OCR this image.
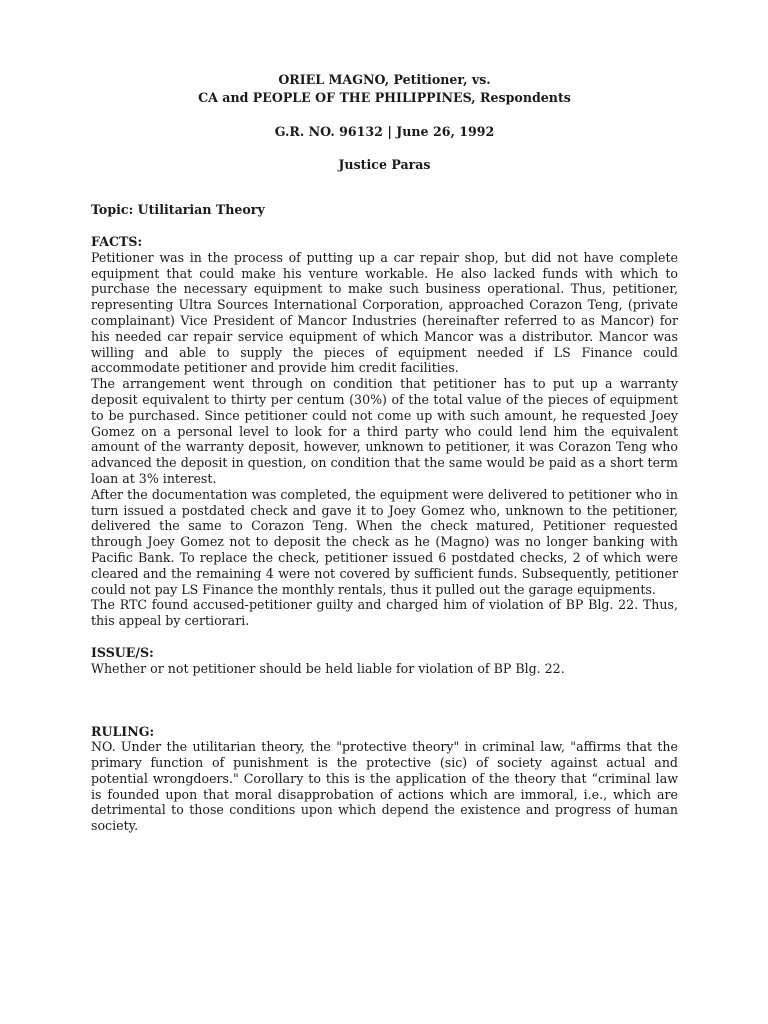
ORIEL MAGNO, Petitioner, vs.

CA and PEOPLE OF THE PHILIPPINES, Respondents

G.R. NO. 96132 | June 26, 1992

Justice Paras

Topic: Utilitarian Theory

FACTS:

Petitioner was in the process of putting up a car repair shop, but did not have complete equipment that could make his venture workable. He also lacked funds with which to purchase the necessary equipment to make such business operational. Thus, petitioner, representing Ultra Sources International Corporation, approached Corazon Teng, (private complainant) Vice President of Mancor Industries (hereinafter referred to as Mancor) for his needed car repair service equipment of which Mancor was a distributor. Mancor was willing and able to supply the pieces of equipment needed if LS Finance could accommodate petitioner and provide him credit facilities.

The arrangement went through on condition that petitioner has to put up a warranty deposit equivalent to thirty per centum (30%) of the total value of the pieces of equipment to be purchased. Since petitioner could not come up with such amount, he requested Joey Gomez on a personal level to look for a third party who could lend him the equivalent amount of the warranty deposit, however, unknown to petitioner, it was Corazon Teng who advanced the deposit in question, on condition that the same would be paid as a short term loan at 3% interest.

After the documentation was completed, the equipment were delivered to petitioner who in turn issued a postdated check and gave it to Joey Gomez who, unknown to the petitioner, delivered the same to Corazon Teng. When the check matured, Petitioner requested through Joey Gomez not to deposit the check as he (Magno) was no longer banking with Pacific Bank. To replace the check, petitioner issued 6 postdated checks, 2 of which were cleared and the remaining 4 were not covered by sufficient funds. Subsequently, petitioner could not pay LS Finance the monthly rentals, thus it pulled out the garage equipments.

The RTC found accused-petitioner guilty and charged him of violation of BP Blg. 22. Thus, this appeal by certiorari.

ISSUE/S:

Whether or not petitioner should be held liable for violation of BP Blg. 22.

RULING:

NO. Under the utilitarian theory, the "protective theory" in criminal law, "affirms that the primary function of punishment is the protective (sic) of society against actual and potential wrongdoers." Corollary to this is the application of the theory that “criminal law is founded upon that moral disapprobation of actions which are immoral, i.e., which are detrimental to those conditions upon which depend the existence and progress of human society.
